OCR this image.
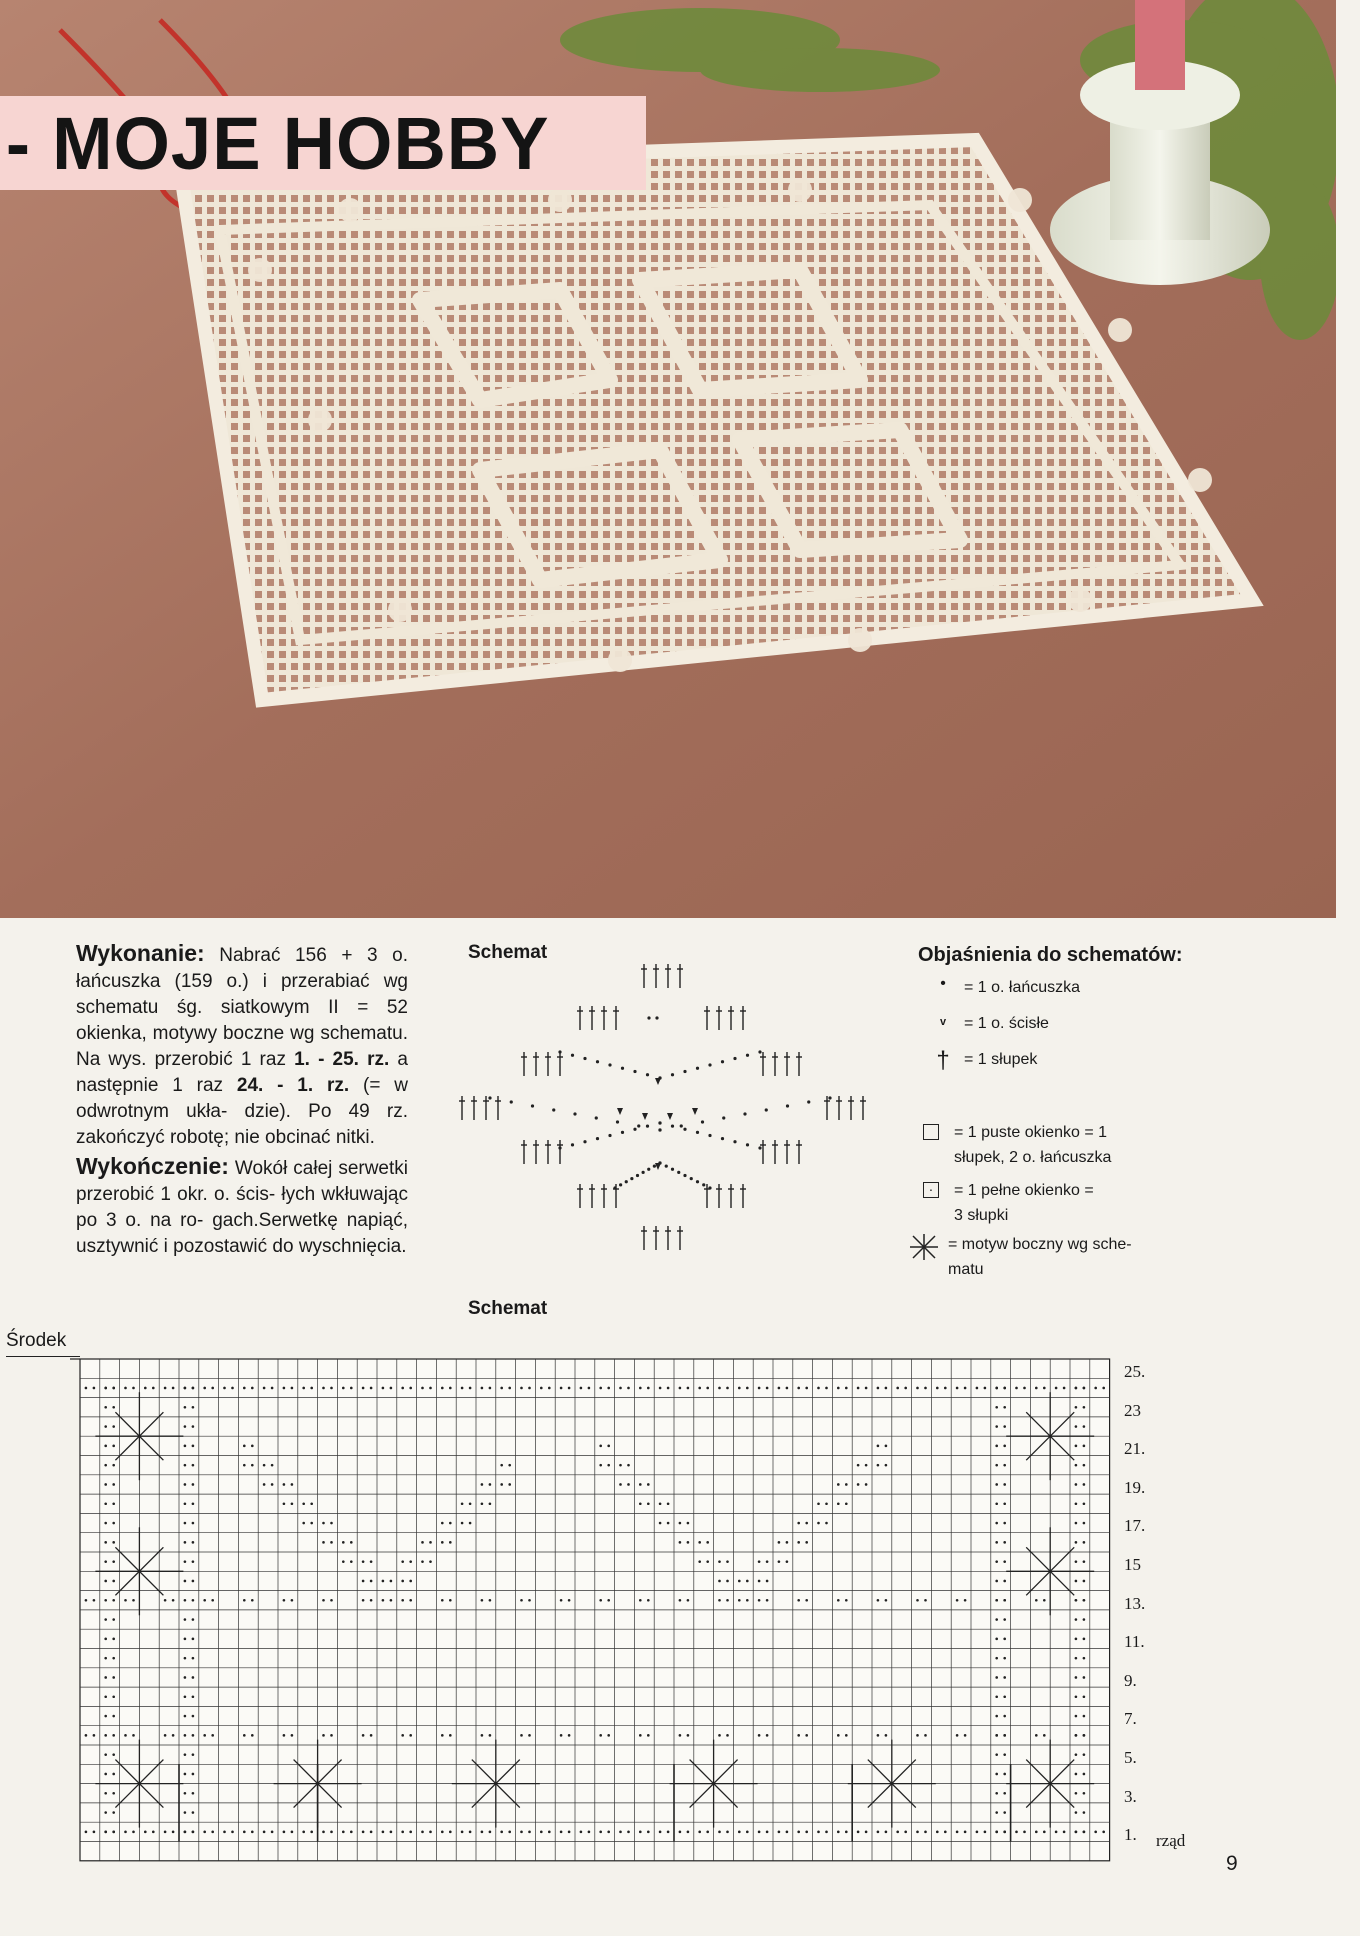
- MOJE HOBBY

Wykonanie: Nabrać 156 + 3 o. łańcuszka (159 o.) i przerabiać wg schematu śg. siatkowym II = 52 okienka, motywy boczne wg schematu. Na wys. przerobić 1 raz 1. - 25. rz. a następnie 1 raz 24. - 1. rz. (= w odwrotnym ukła- dzie). Po 49 rz. zakończyć robotę; nie obcinać nitki.

Wykończenie: Wokół całej serwetki przerobić 1 okr. o. ścis- łych wkłuwając po 3 o. na ro- gach.Serwetkę napiąć, usztywnić i pozostawić do wyschnięcia.

Schemat	Objaśnienia do schematów:
•	= 1 o. łańcuszka
ᵥ	= 1 o. ścisłe
† = 1 słupek
= 1 puste okienko = 1
słupek, 2 o. łańcuszka
·	= 1 pełne okienko =
3 słupki
= motyw boczny wg sche-
matu
Schemat
Środek
25.
23
21.
19.
17.
15
13.
11.
9.
7.
5.
3.
1. rząd
9
